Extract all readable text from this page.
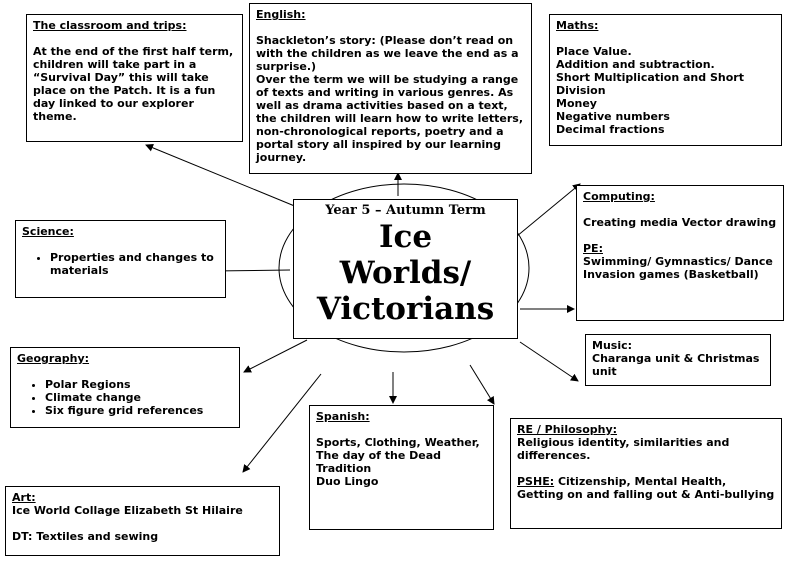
The classroom and trips:

At the end of the first half term, children will take part in a “Survival Day” this will take place on the Patch. It is a fun day linked to our explorer theme.

English:

Shackleton’s story: (Please don’t read on with the children as we leave the end as a surprise.)

Over the term we will be studying a range of texts and writing in various genres. As well as drama activities based on a text, the children will learn how to write letters, non-chronological reports, poetry and a portal story all inspired by our learning journey.

Maths:

Place Value.

Addition and subtraction.

Short Multiplication and Short Division

Money

Negative numbers

Decimal fractions

Science:
• Properties and changes to materials
Computing:

Creating media Vector drawing

PE:

Swimming/ Gymnastics/ Dance

Invasion games (Basketball)

Geography:
• Polar Regions
• Climate change
• Six figure grid references
Music:

Charanga unit & Christmas unit

Spanish:

Sports, Clothing, Weather, The day of the Dead Tradition

Duo Lingo

RE / Philosophy:

Religious identity, similarities and differences.

PSHE: Citizenship, Mental Health, Getting on and falling out & Anti-bullying
Art:

Ice World Collage Elizabeth St Hilaire

DT: Textiles and sewing

Year 5 – Autumn Term
Ice
Worlds/
Victorians
